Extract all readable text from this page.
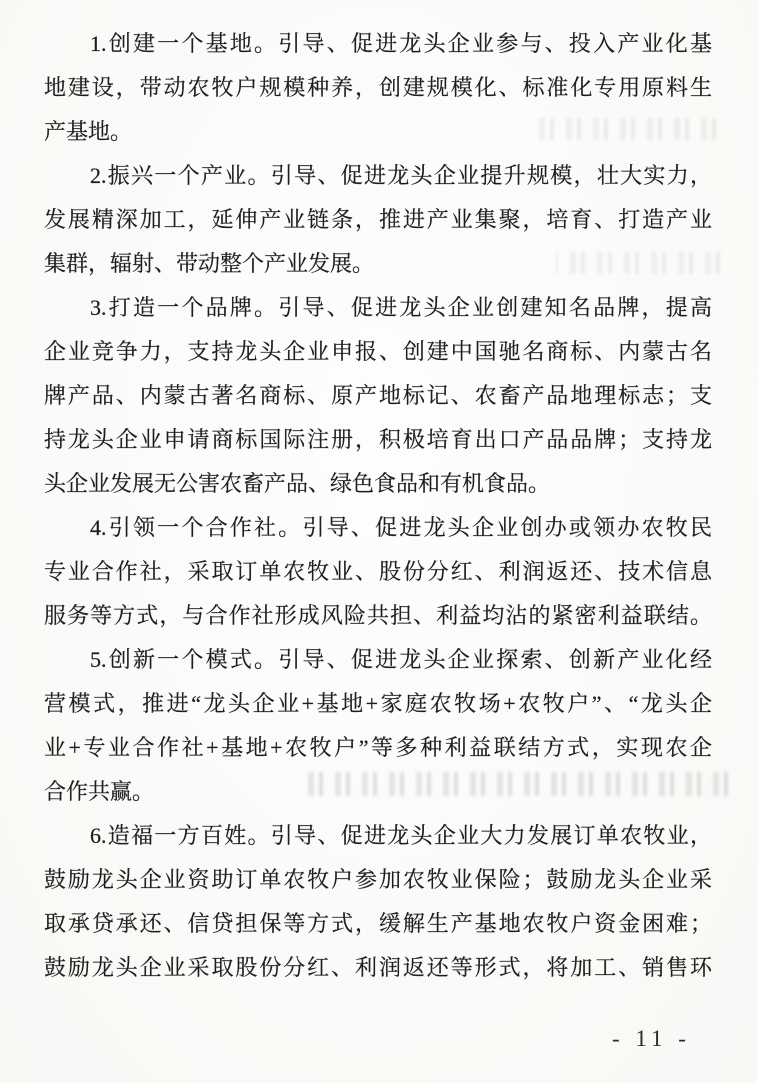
1.创建一个基地。引导、促进龙头企业参与、投入产业化基
地建设，带动农牧户规模种养，创建规模化、标准化专用原料生
产基地。
2.振兴一个产业。引导、促进龙头企业提升规模，壮大实力，
发展精深加工，延伸产业链条，推进产业集聚，培育、打造产业
集群，辐射、带动整个产业发展。
3.打造一个品牌。引导、促进龙头企业创建知名品牌，提高
企业竞争力，支持龙头企业申报、创建中国驰名商标、内蒙古名
牌产品、内蒙古著名商标、原产地标记、农畜产品地理标志；支
持龙头企业申请商标国际注册，积极培育出口产品品牌；支持龙
头企业发展无公害农畜产品、绿色食品和有机食品。
4.引领一个合作社。引导、促进龙头企业创办或领办农牧民
专业合作社，采取订单农牧业、股份分红、利润返还、技术信息
服务等方式，与合作社形成风险共担、利益均沾的紧密利益联结。
5.创新一个模式。引导、促进龙头企业探索、创新产业化经
营模式，推进“龙头企业+基地+家庭农牧场+农牧户”、“龙头企
业+专业合作社+基地+农牧户”等多种利益联结方式，实现农企
合作共赢。
6.造福一方百姓。引导、促进龙头企业大力发展订单农牧业，
鼓励龙头企业资助订单农牧户参加农牧业保险；鼓励龙头企业采
取承贷承还、信贷担保等方式，缓解生产基地农牧户资金困难；
鼓励龙头企业采取股份分红、利润返还等形式，将加工、销售环
- 11 -
